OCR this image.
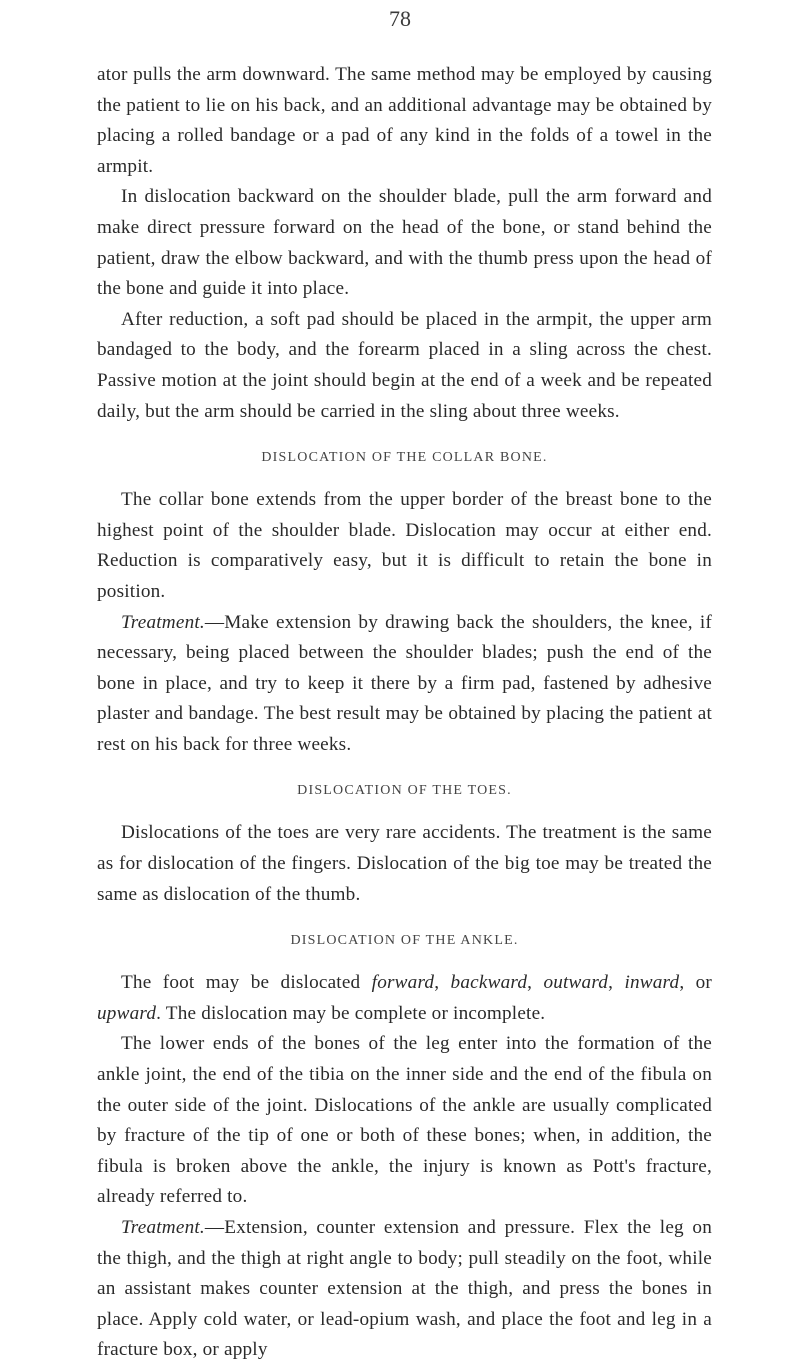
78

ator pulls the arm downward. The same method may be employed by causing the patient to lie on his back, and an additional advantage may be obtained by placing a rolled bandage or a pad of any kind in the folds of a towel in the armpit.

In dislocation backward on the shoulder blade, pull the arm forward and make direct pressure forward on the head of the bone, or stand behind the patient, draw the elbow backward, and with the thumb press upon the head of the bone and guide it into place.

After reduction, a soft pad should be placed in the armpit, the upper arm bandaged to the body, and the forearm placed in a sling across the chest. Passive motion at the joint should begin at the end of a week and be repeated daily, but the arm should be carried in the sling about three weeks.

DISLOCATION OF THE COLLAR BONE.

The collar bone extends from the upper border of the breast bone to the highest point of the shoulder blade. Dislocation may occur at either end. Reduction is comparatively easy, but it is difficult to retain the bone in position.

Treatment.—Make extension by drawing back the shoulders, the knee, if necessary, being placed between the shoulder blades; push the end of the bone in place, and try to keep it there by a firm pad, fastened by adhesive plaster and bandage. The best result may be obtained by placing the patient at rest on his back for three weeks.

DISLOCATION OF THE TOES.

Dislocations of the toes are very rare accidents. The treatment is the same as for dislocation of the fingers. Dislocation of the big toe may be treated the same as dislocation of the thumb.

DISLOCATION OF THE ANKLE.

The foot may be dislocated forward, backward, outward, inward, or upward. The dislocation may be complete or incomplete.

The lower ends of the bones of the leg enter into the formation of the ankle joint, the end of the tibia on the inner side and the end of the fibula on the outer side of the joint. Dislocations of the ankle are usually complicated by fracture of the tip of one or both of these bones; when, in addition, the fibula is broken above the ankle, the injury is known as Pott's fracture, already referred to.

Treatment.—Extension, counter extension and pressure. Flex the leg on the thigh, and the thigh at right angle to body; pull steadily on the foot, while an assistant makes counter extension at the thigh, and press the bones in place. Apply cold water, or lead-opium wash, and place the foot and leg in a fracture box, or apply
